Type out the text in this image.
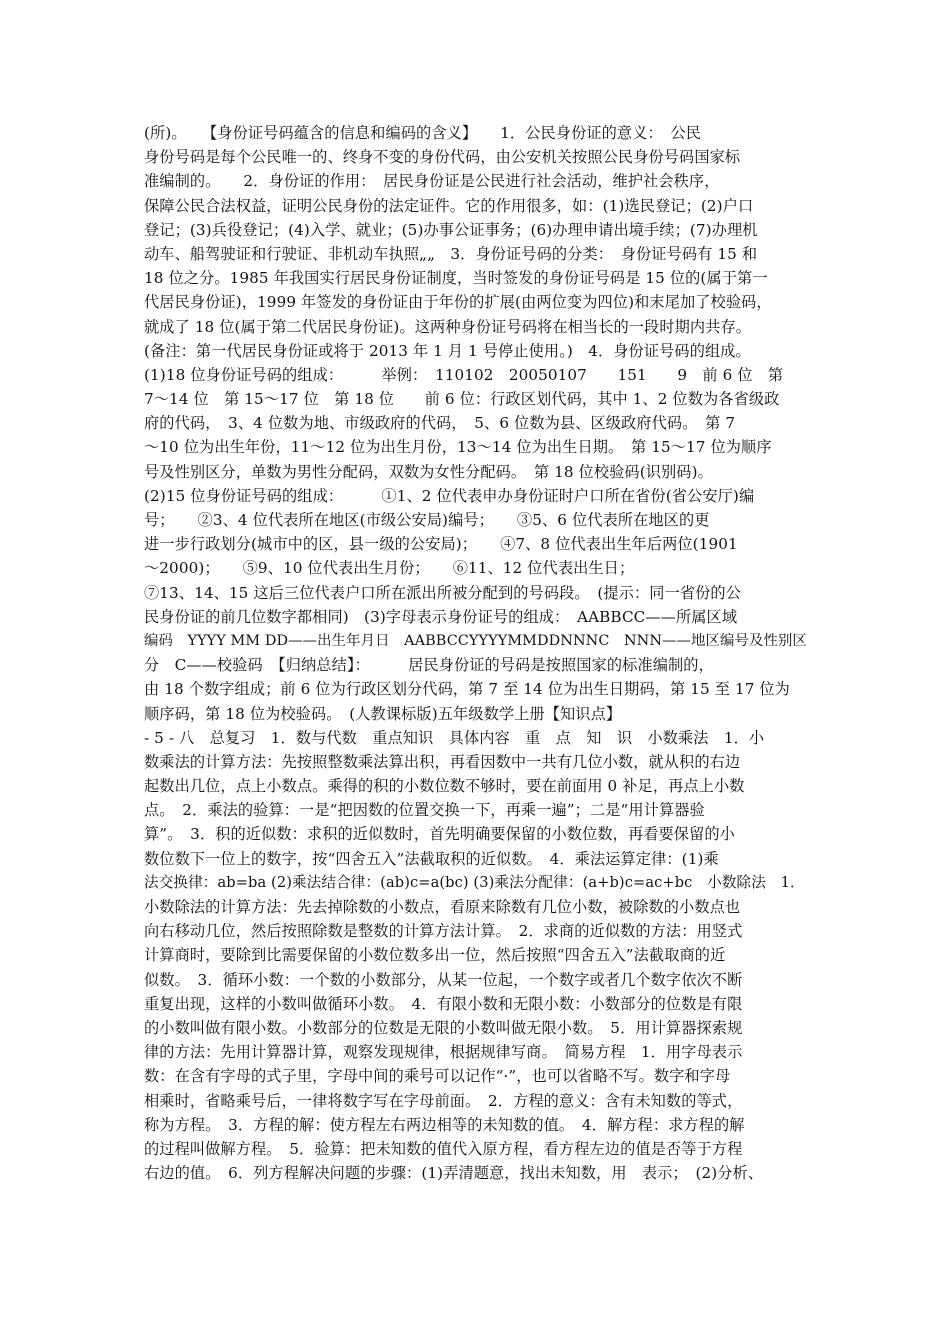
(所)。　　【身份证号码蕴含的信息和编码的含义】　　1．公民身份证的意义：　公民
身份号码是每个公民唯一的、终身不变的身份代码，由公安机关按照公民身份号码国家标
准编制的。　　2．身份证的作用：　居民身份证是公民进行社会活动，维护社会秩序，
保障公民合法权益，证明公民身份的法定证件。它的作用很多，如：(1)选民登记；(2)户口
登记；(3)兵役登记；(4)入学、就业；(5)办事公证事务；(6)办理申请出境手续；(7)办理机
动车、船驾驶证和行驶证、非机动车执照„„　3．身份证号码的分类：　身份证号码有 15 和
18 位之分。1985 年我国实行居民身份证制度，当时签发的身份证号码是 15 位的(属于第一
代居民身份证)，1999 年签发的身份证由于年份的扩展(由两位变为四位)和末尾加了校验码，
就成了 18 位(属于第二代居民身份证)。这两种身份证号码将在相当长的一段时期内共存。
(备注：第一代居民身份证或将于 2013 年 1 月 1 号停止使用。)　4．身份证号码的组成。
(1)18 位身份证号码的组成：　　　举例：　110102　20050107　　151　　9　前 6 位　第
7～14 位　第 15～17 位　第 18 位　　前 6 位：行政区划代码，其中 1、2 位数为各省级政
府的代码，　3、4 位数为地、市级政府的代码，　5、6 位数为县、区级政府代码。　第 7
～10 位为出生年份，11～12 位为出生月份，13～14 位为出生日期。　第 15～17 位为顺序
号及性别区分，单数为男性分配码，双数为女性分配码。　第 18 位校验码(识别码)。
(2)15 位身份证号码的组成：　　　①1、2 位代表申办身份证时户口所在省份(省公安厅)编
号；　　②3、4 位代表所在地区(市级公安局)编号；　　③5、6 位代表所在地区的更
进一步行政划分(城市中的区，县一级的公安局)；　　④7、8 位代表出生年后两位(1901
～2000)；　　⑤9、10 位代表出生月份；　　⑥11、12 位代表出生日；
⑦13、14、15 这后三位代表户口所在派出所被分配到的号码段。　(提示：同一省份的公
民身份证的前几位数字都相同)　(3)字母表示身份证号的组成：　AABBCC——所属区域
编码　YYYY MM DD——出生年月日　AABBCCYYYYMMDDNNNC　NNN——地区编号及性别区
分　C——校验码　【归纳总结】：　　　居民身份证的号码是按照国家的标准编制的，
由 18 个数字组成；前 6 位为行政区划分代码，第 7 至 14 位为出生日期码，第 15 至 17 位为
顺序码，第 18 位为校验码。　(人教课标版)五年级数学上册【知识点】
- 5 - 八　总复习　1．数与代数　重点知识　具体内容　重　点　知　识　小数乘法　1．小
数乘法的计算方法：先按照整数乘法算出积，再看因数中一共有几位小数，就从积的右边
起数出几位，点上小数点。乘得的积的小数位数不够时，要在前面用 0 补足，再点上小数
点。　2．乘法的验算：一是“把因数的位置交换一下，再乘一遍”；二是“用计算器验
算”。　3．积的近似数：求积的近似数时，首先明确要保留的小数位数，再看要保留的小
数位数下一位上的数字，按“四舍五入”法截取积的近似数。　4．乘法运算定律：(1)乘
法交换律：ab=ba (2)乘法结合律：(ab)c=a(bc) (3)乘法分配律：(a+b)c=ac+bc　小数除法　1．
小数除法的计算方法：先去掉除数的小数点，看原来除数有几位小数，被除数的小数点也
向右移动几位，然后按照除数是整数的计算方法计算。　2．求商的近似数的方法：用竖式
计算商时，要除到比需要保留的小数位数多出一位，然后按照“四舍五入”法截取商的近
似数。　3．循环小数：一个数的小数部分，从某一位起，一个数字或者几个数字依次不断
重复出现，这样的小数叫做循环小数。　4．有限小数和无限小数：小数部分的位数是有限
的小数叫做有限小数。小数部分的位数是无限的小数叫做无限小数。　5．用计算器探索规
律的方法：先用计算器计算，观察发现规律，根据规律写商。　简易方程　1．用字母表示
数：在含有字母的式子里，字母中间的乘号可以记作“·”，也可以省略不写。数字和字母
相乘时，省略乘号后，一律将数字写在字母前面。　2．方程的意义：含有未知数的等式，
称为方程。　3．方程的解：使方程左右两边相等的未知数的值。　4．解方程：求方程的解
的过程叫做解方程。　5．验算：把未知数的值代入原方程，看方程左边的值是否等于方程
右边的值。　6．列方程解决问题的步骤：(1)弄清题意，找出未知数，用　表示；　(2)分析、
